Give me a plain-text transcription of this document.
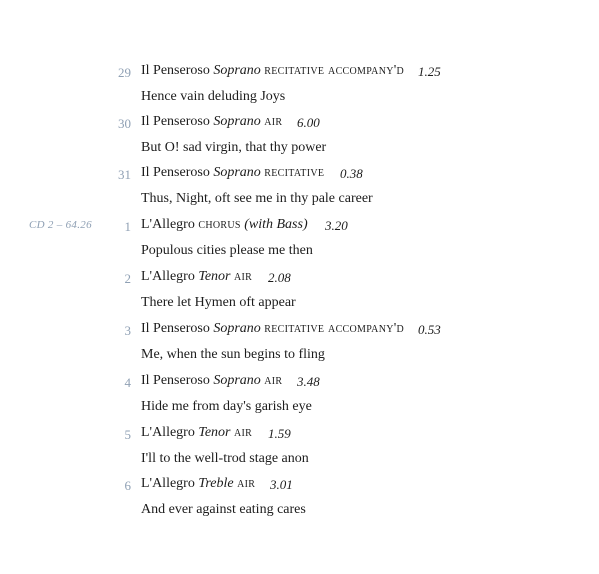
CD 2 – 64.26
29 Il Penseroso Soprano recitative accompany'd 1.25
Hence vain deluding Joys
30 Il Penseroso Soprano air 6.00
But O! sad virgin, that thy power
31 Il Penseroso Soprano recitative 0.38
Thus, Night, oft see me in thy pale career
1 L'Allegro chorus (with Bass) 3.20
Populous cities please me then
2 L'Allegro Tenor air 2.08
There let Hymen oft appear
3 Il Penseroso Soprano recitative accompany'd 0.53
Me, when the sun begins to fling
4 Il Penseroso Soprano air 3.48
Hide me from day's garish eye
5 L'Allegro Tenor air 1.59
I'll to the well-trod stage anon
6 L'Allegro Treble air 3.01
And ever against eating cares
